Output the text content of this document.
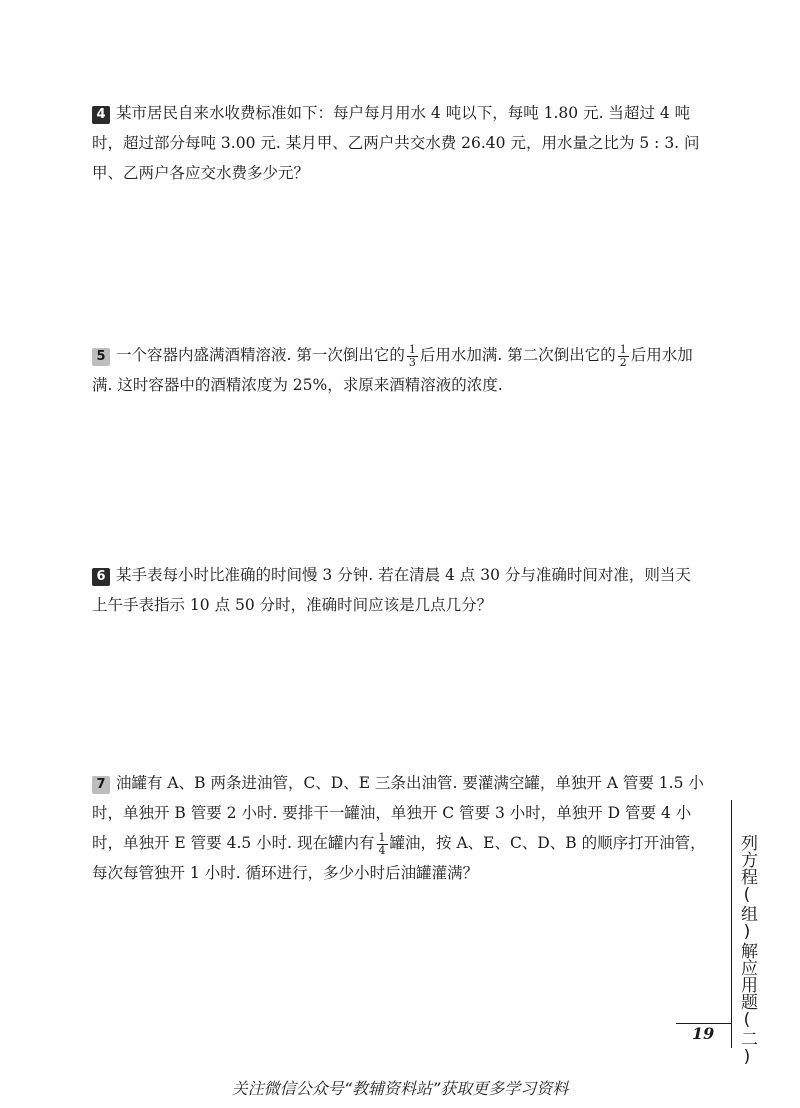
4 某市居民自来水收费标准如下：每户每月用水 4 吨以下，每吨 1.80 元. 当超过 4 吨时，超过部分每吨 3.00 元. 某月甲、乙两户共交水费 26.40 元，用水量之比为 5 : 3. 问甲、乙两户各应交水费多少元？
5 一个容器内盛满酒精溶液. 第一次倒出它的 $\frac{1}{3}$ 后用水加满. 第二次倒出它的 $\frac{1}{2}$ 后用水加满. 这时容器中的酒精浓度为 25%，求原来酒精溶液的浓度.
6 某手表每小时比准确的时间慢 3 分钟. 若在清晨 4 点 30 分与准确时间对准，则当天上午手表指示 10 点 50 分时，准确时间应该是几点几分？
7 油罐有 A、B 两条进油管，C、D、E 三条出油管. 要灌满空罐，单独开 A 管要 1.5 小时，单独开 B 管要 2 小时. 要排干一罐油，单独开 C 管要 3 小时，单独开 D 管要 4 小时，单独开 E 管要 4.5 小时. 现在罐内有 $\frac{1}{4}$ 罐油，按 A、E、C、D、B 的顺序打开油管，每次每管独开 1 小时. 循环进行，多少小时后油罐灌满？	列方程(组)解应用题(二)
19
关注微信公众号“教辅资料站”获取更多学习资料
